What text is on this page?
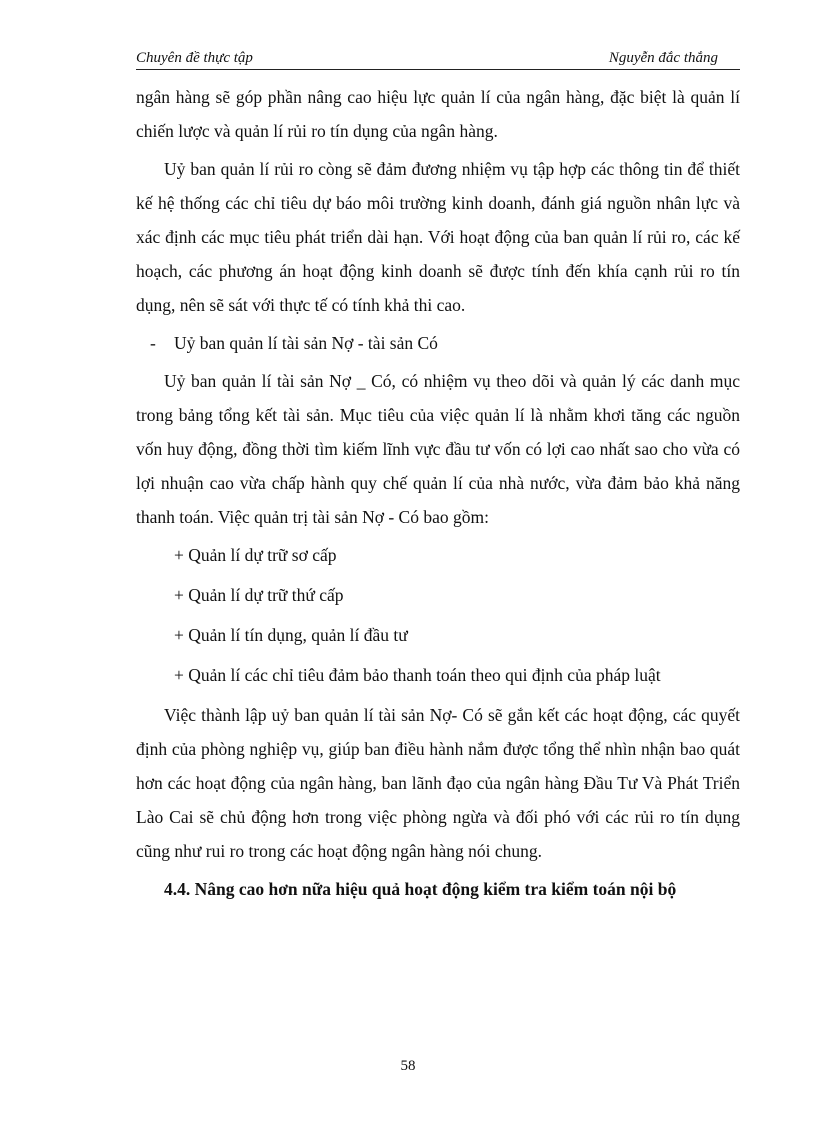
Chuyên đề thực tập	Nguyễn đắc thắng

ngân hàng sẽ góp phần nâng cao hiệu lực quản lí của ngân hàng, đặc biệt là quản lí chiến lược và quản lí rủi ro tín dụng của ngân hàng.

Uỷ ban quản lí rủi ro còng sẽ đảm đương nhiệm vụ tập hợp các thông tin để thiết kế hệ thống các chỉ tiêu dự báo môi trường kinh doanh, đánh giá nguồn nhân lực và xác định các mục tiêu phát triển dài hạn. Với hoạt động của ban quản lí rủi ro, các kế hoạch, các phương án hoạt động kinh doanh sẽ được tính đến khía cạnh rủi ro tín dụng, nên sẽ sát với thực tế có tính khả thi cao.

- Uỷ ban quản lí tài sản Nợ - tài sản Có

Uỷ ban quản lí tài sản Nợ _ Có, có nhiệm vụ theo dõi và quản lý các danh mục trong bảng tổng kết tài sản. Mục tiêu của việc quản lí là nhằm khơi tăng các nguồn vốn huy động, đồng thời tìm kiếm lĩnh vực đầu tư vốn có lợi cao nhất sao cho vừa có lợi nhuận cao vừa chấp hành quy chế quản lí của nhà nước, vừa đảm bảo khả năng thanh toán. Việc quản trị tài sản Nợ - Có bao gồm:

+ Quản lí dự trữ sơ cấp

+ Quản lí dự trữ thứ cấp

+ Quản lí tín dụng, quản lí đầu tư

+ Quản lí các chỉ tiêu đảm bảo thanh toán theo qui định của pháp luật

Việc thành lập uỷ ban quản lí tài sản Nợ- Có sẽ gắn kết các hoạt động, các quyết định của phòng nghiệp vụ, giúp ban điều hành nắm được tổng thể nhìn nhận bao quát hơn các hoạt động của ngân hàng, ban lãnh đạo của ngân hàng Đầu Tư Và Phát Triển Lào Cai sẽ chủ động hơn trong việc phòng ngừa và đối phó với các rủi ro tín dụng cũng như rui ro trong các hoạt động ngân hàng nói chung.

4.4. Nâng cao hơn nữa hiệu quả hoạt động kiểm tra kiểm toán nội bộ

58
